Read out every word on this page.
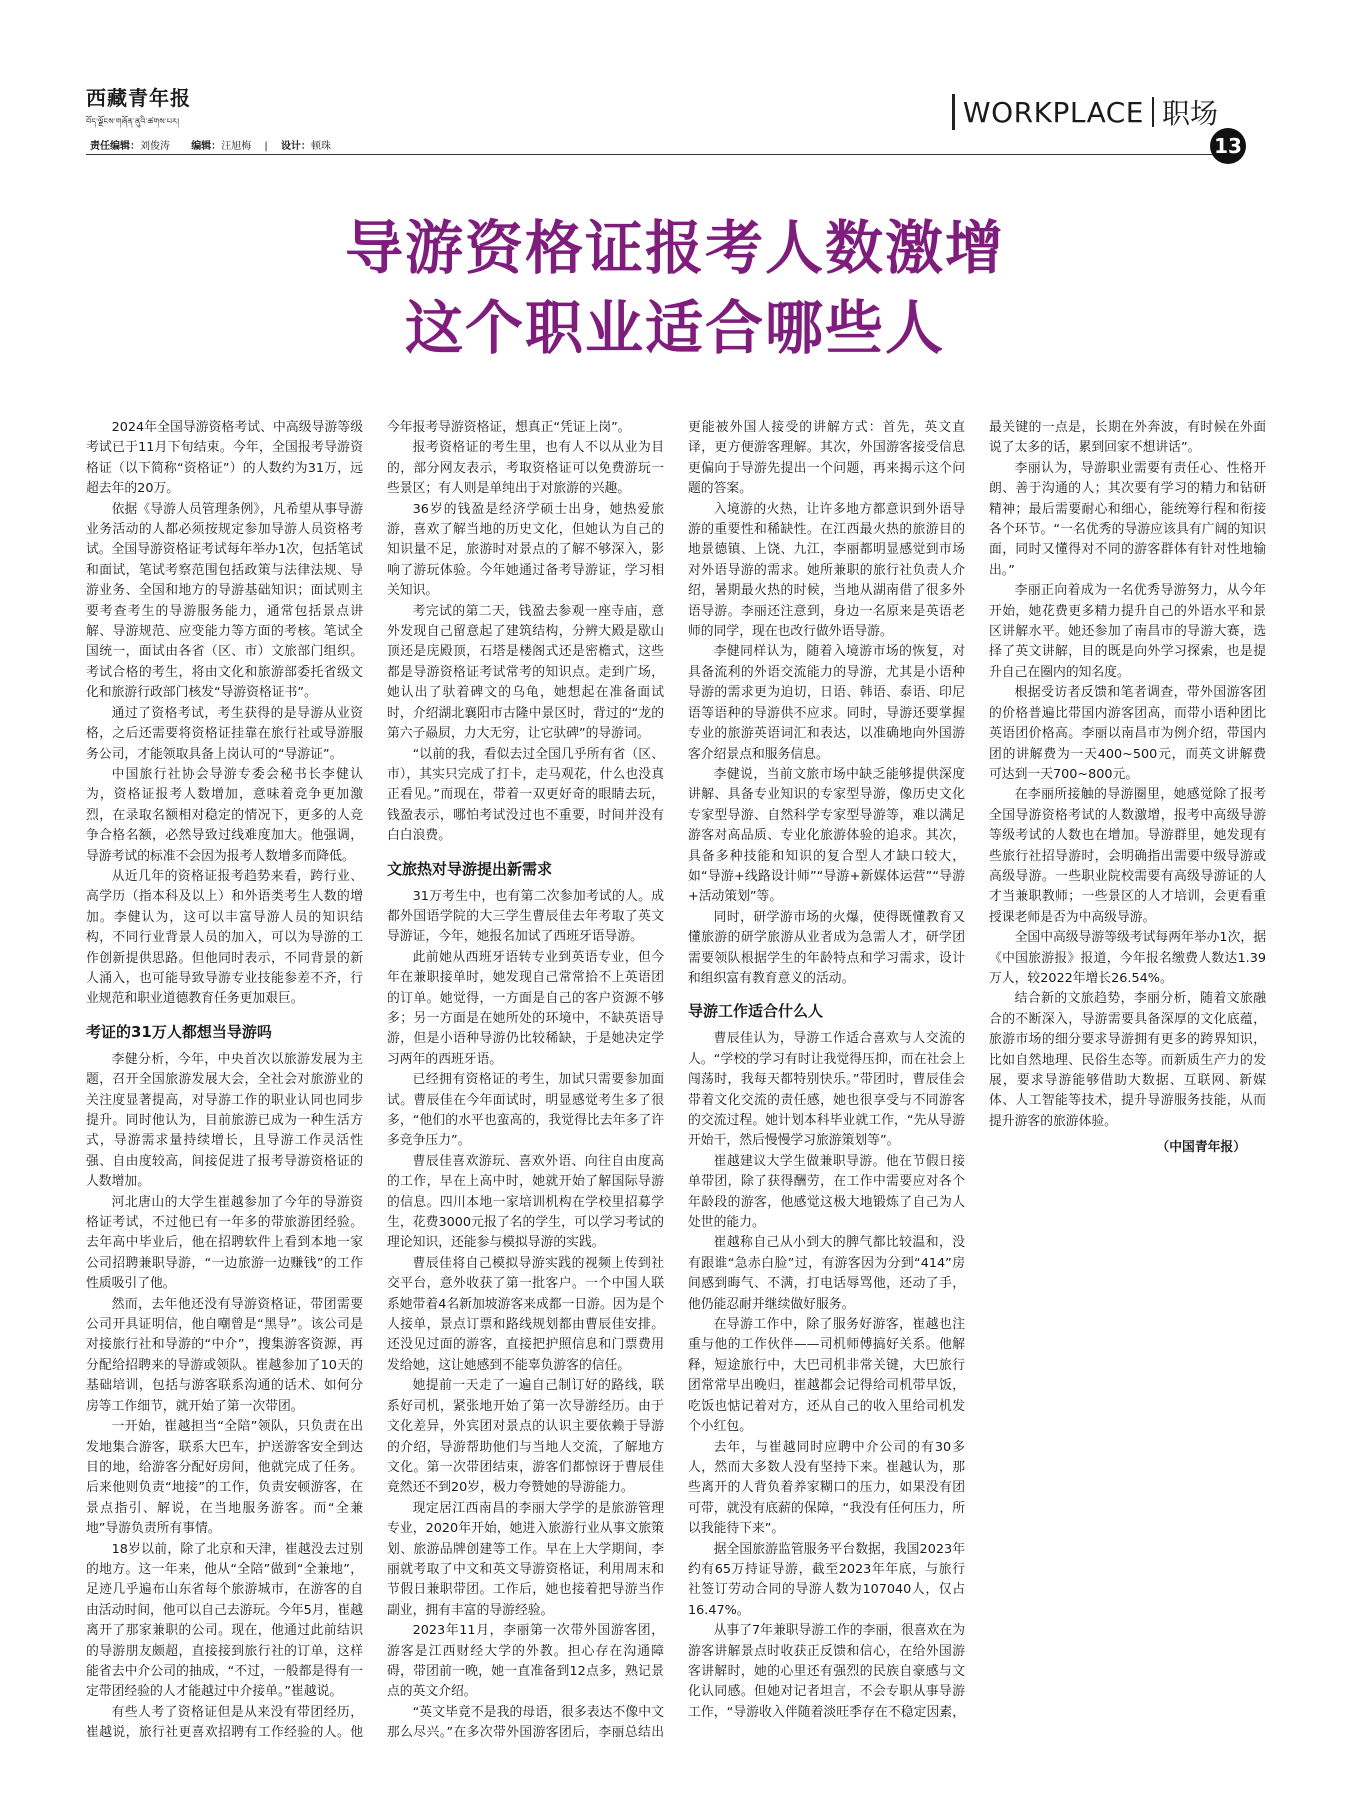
西藏青年报
བོད་ལྗོངས་གཞོན་ནུའི་ཚགས་པར།
责任编辑：刘俊涛 编辑：汪旭梅 | 设计：顿珠
WORKPLACE 职场
13
导游资格证报考人数激增
这个职业适合哪些人

2024年全国导游资格考试、中高级导游等级考试已于11月下旬结束。今年，全国报考导游资格证（以下简称“资格证”）的人数约为31万，远超去年的20万。

依据《导游人员管理条例》，凡希望从事导游业务活动的人都必须按规定参加导游人员资格考试。全国导游资格证考试每年举办1次，包括笔试和面试，笔试考察范围包括政策与法律法规、导游业务、全国和地方的导游基础知识；面试则主要考查考生的导游服务能力，通常包括景点讲解、导游规范、应变能力等方面的考核。笔试全国统一，面试由各省（区、市）文旅部门组织。考试合格的考生，将由文化和旅游部委托省级文化和旅游行政部门核发“导游资格证书”。

通过了资格考试，考生获得的是导游从业资格，之后还需要将资格证挂靠在旅行社或导游服务公司，才能领取具备上岗认可的“导游证”。

中国旅行社协会导游专委会秘书长李健认为，资格证报考人数增加，意味着竞争更加激烈，在录取名额相对稳定的情况下，更多的人竞争合格名额，必然导致过线难度加大。他强调，导游考试的标准不会因为报考人数增多而降低。

从近几年的资格证报考趋势来看，跨行业、高学历（指本科及以上）和外语类考生人数的增加。李健认为，这可以丰富导游人员的知识结构，不同行业背景人员的加入，可以为导游的工作创新提供思路。但他同时表示，不同背景的新人涌入，也可能导致导游专业技能参差不齐，行业规范和职业道德教育任务更加艰巨。

考证的31万人都想当导游吗

李健分析，今年，中央首次以旅游发展为主题，召开全国旅游发展大会，全社会对旅游业的关注度显著提高，对导游工作的职业认同也同步提升。同时他认为，目前旅游已成为一种生活方式，导游需求量持续增长，且导游工作灵活性强、自由度较高，间接促进了报考导游资格证的人数增加。

河北唐山的大学生崔越参加了今年的导游资格证考试，不过他已有一年多的带旅游团经验。去年高中毕业后，他在招聘软件上看到本地一家公司招聘兼职导游，“一边旅游一边赚钱”的工作性质吸引了他。

然而，去年他还没有导游资格证，带团需要公司开具证明信，他自嘲曾是“黑导”。该公司是对接旅行社和导游的“中介”，搜集游客资源，再分配给招聘来的导游或领队。崔越参加了10天的基础培训，包括与游客联系沟通的话术、如何分房等工作细节，就开始了第一次带团。

一开始，崔越担当“全陪”领队，只负责在出发地集合游客，联系大巴车，护送游客安全到达目的地，给游客分配好房间，他就完成了任务。后来他则负责“地接”的工作，负责安顿游客，在景点指引、解说，在当地服务游客。而“全兼地”导游负责所有事情。

18岁以前，除了北京和天津，崔越没去过别的地方。这一年来，他从“全陪”做到“全兼地”，足迹几乎遍布山东省每个旅游城市，在游客的自由活动时间，他可以自己去游玩。今年5月，崔越离开了那家兼职的公司。现在，他通过此前结识的导游朋友颇超，直接接到旅行社的订单，这样能省去中介公司的抽成，“不过，一般都是得有一定带团经验的人才能越过中介接单。”崔越说。

有些人考了资格证但是从来没有带团经历，崔越说，旅行社更喜欢招聘有工作经验的人。他今年报考导游资格证，想真正“凭证上岗”。

报考资格证的考生里，也有人不以从业为目的，部分网友表示，考取资格证可以免费游玩一些景区；有人则是单纯出于对旅游的兴趣。

36岁的钱盈是经济学硕士出身，她热爱旅游，喜欢了解当地的历史文化，但她认为自己的知识量不足，旅游时对景点的了解不够深入，影响了游玩体验。今年她通过备考导游证，学习相关知识。

考完试的第二天，钱盈去参观一座寺庙，意外发现自己留意起了建筑结构，分辨大殿是歇山顶还是庑殿顶，石塔是楼阁式还是密檐式，这些都是导游资格证考试常考的知识点。走到广场，她认出了驮着碑文的乌龟，她想起在准备面试时，介绍湖北襄阳市古隆中景区时，背过的“龙的第六子赑屃，力大无穷，让它驮碑”的导游词。

“以前的我，看似去过全国几乎所有省（区、市），其实只完成了打卡，走马观花，什么也没真正看见。”而现在，带着一双更好奇的眼睛去玩，钱盈表示，哪怕考试没过也不重要，时间并没有白白浪费。

文旅热对导游提出新需求

31万考生中，也有第二次参加考试的人。成都外国语学院的大三学生曹辰佳去年考取了英文导游证，今年，她报名加试了西班牙语导游。

此前她从西班牙语转专业到英语专业，但今年在兼职接单时，她发现自己常常拾不上英语团的订单。她觉得，一方面是自己的客户资源不够多；另一方面是在她所处的环境中，不缺英语导游，但是小语种导游仍比较稀缺，于是她决定学习两年的西班牙语。

已经拥有资格证的考生，加试只需要参加面试。曹辰佳在今年面试时，明显感觉考生多了很多，“他们的水平也蛮高的，我觉得比去年多了许多竞争压力”。

曹辰佳喜欢游玩、喜欢外语、向往自由度高的工作，早在上高中时，她就开始了解国际导游的信息。四川本地一家培训机构在学校里招募学生，花费3000元报了名的学生，可以学习考试的理论知识，还能参与模拟导游的实践。

曹辰佳将自己模拟导游实践的视频上传到社交平台，意外收获了第一批客户。一个中国人联系她带着4名新加坡游客来成都一日游。因为是个人接单，景点订票和路线规划都由曹辰佳安排。还没见过面的游客，直接把护照信息和门票费用发给她，这让她感到不能辜负游客的信任。

她提前一天走了一遍自己制订好的路线，联系好司机，紧张地开始了第一次导游经历。由于文化差异，外宾团对景点的认识主要依赖于导游的介绍，导游帮助他们与当地人交流，了解地方文化。第一次带团结束，游客们都惊讶于曹辰佳竟然还不到20岁，极力夸赞她的导游能力。

现定居江西南昌的李丽大学学的是旅游管理专业，2020年开始，她进入旅游行业从事文旅策划、旅游品牌创建等工作。早在上大学期间，李丽就考取了中文和英文导游资格证，利用周末和节假日兼职带团。工作后，她也接着把导游当作副业，拥有丰富的导游经验。

2023年11月，李丽第一次带外国游客团，游客是江西财经大学的外教。担心存在沟通障碍，带团前一晚，她一直准备到12点多，熟记景点的英文介绍。

“英文毕竟不是我的母语，很多表达不像中文那么尽兴。”在多次带外国游客团后，李丽总结出更能被外国人接受的讲解方式：首先，英文直译，更方便游客理解。其次，外国游客接受信息更偏向于导游先提出一个问题，再来揭示这个问题的答案。

入境游的火热，让许多地方都意识到外语导游的重要性和稀缺性。在江西最火热的旅游目的地景德镇、上饶、九江，李丽都明显感觉到市场对外语导游的需求。她所兼职的旅行社负责人介绍，暑期最火热的时候，当地从湖南借了很多外语导游。李丽还注意到，身边一名原来是英语老师的同学，现在也改行做外语导游。

李健同样认为，随着入境游市场的恢复，对具备流利的外语交流能力的导游，尤其是小语种导游的需求更为迫切，日语、韩语、泰语、印尼语等语种的导游供不应求。同时，导游还要掌握专业的旅游英语词汇和表达，以准确地向外国游客介绍景点和服务信息。

李健说，当前文旅市场中缺乏能够提供深度讲解、具备专业知识的专家型导游，像历史文化专家型导游、自然科学专家型导游等，难以满足游客对高品质、专业化旅游体验的追求。其次，具备多种技能和知识的复合型人才缺口较大，如“导游+线路设计师”“导游+新媒体运营”“导游+活动策划”等。

同时，研学游市场的火爆，使得既懂教育又懂旅游的研学旅游从业者成为急需人才，研学团需要领队根据学生的年龄特点和学习需求，设计和组织富有教育意义的活动。

导游工作适合什么人

曹辰佳认为，导游工作适合喜欢与人交流的人。“学校的学习有时让我觉得压抑，而在社会上闯荡时，我每天都特别快乐。”带团时，曹辰佳会带着文化交流的责任感，她也很享受与不同游客的交流过程。她计划本科毕业就工作，“先从导游开始干，然后慢慢学习旅游策划等”。

崔越建议大学生做兼职导游。他在节假日接单带团，除了获得酬劳，在工作中需要应对各个年龄段的游客，他感觉这极大地锻炼了自己为人处世的能力。

崔越称自己从小到大的脾气都比较温和，没有跟谁“急赤白脸”过，有游客因为分到“414”房间感到晦气、不满，打电话辱骂他，还动了手，他仍能忍耐并继续做好服务。

在导游工作中，除了服务好游客，崔越也注重与他的工作伙伴——司机师傅搞好关系。他解释，短途旅行中，大巴司机非常关键，大巴旅行团常常早出晚归，崔越都会记得给司机带早饭，吃饭也惦记着对方，还从自己的收入里给司机发个小红包。

去年，与崔越同时应聘中介公司的有30多人，然而大多数人没有坚持下来。崔越认为，那些离开的人背负着养家糊口的压力，如果没有团可带，就没有底薪的保障，“我没有任何压力，所以我能待下来”。

据全国旅游监管服务平台数据，我国2023年约有65万持证导游，截至2023年年底，与旅行社签订劳动合同的导游人数为107040人，仅占16.47%。

从事了7年兼职导游工作的李丽，很喜欢在为游客讲解景点时收获正反馈和信心，在给外国游客讲解时，她的心里还有强烈的民族自豪感与文化认同感。但她对记者坦言，不会专职从事导游工作，“导游收入伴随着淡旺季存在不稳定因素，最关键的一点是，长期在外奔波，有时候在外面说了太多的话，累到回家不想讲话”。

李丽认为，导游职业需要有责任心、性格开朗、善于沟通的人；其次要有学习的精力和钻研精神；最后需要耐心和细心，能统筹行程和衔接各个环节。“一名优秀的导游应该具有广阔的知识面，同时又懂得对不同的游客群体有针对性地输出。”

李丽正向着成为一名优秀导游努力，从今年开始，她花费更多精力提升自己的外语水平和景区讲解水平。她还参加了南昌市的导游大赛，选择了英文讲解，目的既是向外学习探索，也是提升自己在圈内的知名度。

根据受访者反馈和笔者调查，带外国游客团的价格普遍比带国内游客团高，而带小语种团比英语团价格高。李丽以南昌市为例介绍，带国内团的讲解费为一天400~500元，而英文讲解费可达到一天700~800元。

在李丽所接触的导游圈里，她感觉除了报考全国导游资格考试的人数激增，报考中高级导游等级考试的人数也在增加。导游群里，她发现有些旅行社招导游时，会明确指出需要中级导游或高级导游。一些职业院校需要有高级导游证的人才当兼职教师；一些景区的人才培训，会更看重授课老师是否为中高级导游。

全国中高级导游等级考试每两年举办1次，据《中国旅游报》报道，今年报名缴费人数达1.39万人，较2022年增长26.54%。

结合新的文旅趋势，李丽分析，随着文旅融合的不断深入，导游需要具备深厚的文化底蕴，旅游市场的细分要求导游拥有更多的跨界知识，比如自然地理、民俗生态等。而新质生产力的发展，要求导游能够借助大数据、互联网、新媒体、人工智能等技术，提升导游服务技能，从而提升游客的旅游体验。

（中国青年报）
